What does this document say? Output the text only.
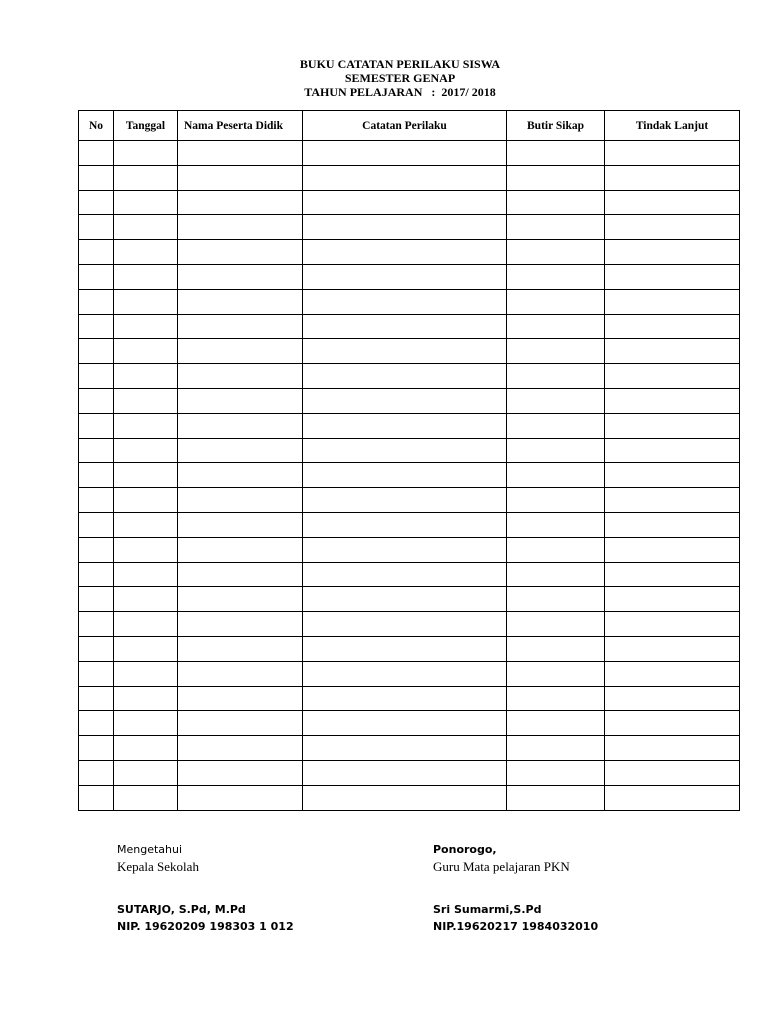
BUKU CATATAN PERILAKU SISWA
SEMESTER GENAP
TAHUN PELAJARAN   :  2017/ 2018
No	Tanggal	Nama Peserta Didik	Catatan Perilaku	Butir Sikap	Tindak Lanjut

Mengetahui
Kepala Sekolah
SUTARJO, S.Pd, M.Pd
NIP. 19620209 198303 1 012
Ponorogo,
Guru Mata pelajaran PKN
Sri Sumarmi,S.Pd
NIP.19620217 1984032010
